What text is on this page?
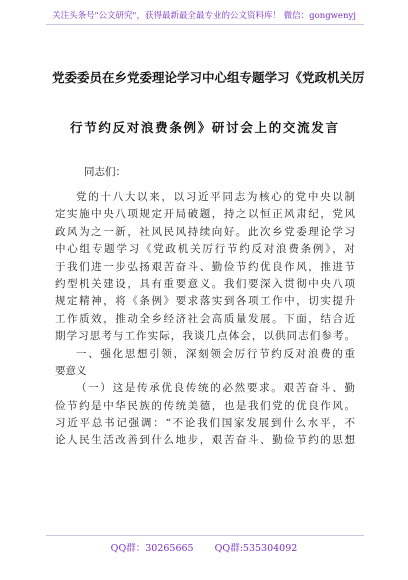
关注头条号"公文研究"，获得最新最全最专业的公文资料库！ 微信：gongwenyj
党委委员在乡党委理论学习中心组专题学习《党政机关厉
行节约反对浪费条例》研讨会上的交流发言
同志们：
党的十八大以来，以习近平同志为核心的党中央以制
定实施中央八项规定开局破题，持之以恒正风肃纪，党风
政风为之一新，社风民风持续向好。此次乡党委理论学习
中心组专题学习《党政机关厉行节约反对浪费条例》，对
于我们进一步弘扬艰苦奋斗、勤俭节约优良作风，推进节
约型机关建设，具有重要意义。我们要深入贯彻中央八项
规定精神，将《条例》要求落实到各项工作中，切实提升
工作质效，推动全乡经济社会高质量发展。下面，结合近
期学习思考与工作实际，我谈几点体会，以供同志们参考。
一、强化思想引领，深刻领会厉行节约反对浪费的重
要意义
（一）这是传承优良传统的必然要求。艰苦奋斗、勤
俭节约是中华民族的传统美德，也是我们党的优良作风。
习近平总书记强调：“不论我们国家发展到什么水平，不
论人民生活改善到什么地步，艰苦奋斗、勤俭节约的思想
QQ群：30265665 QQ群:535304092
